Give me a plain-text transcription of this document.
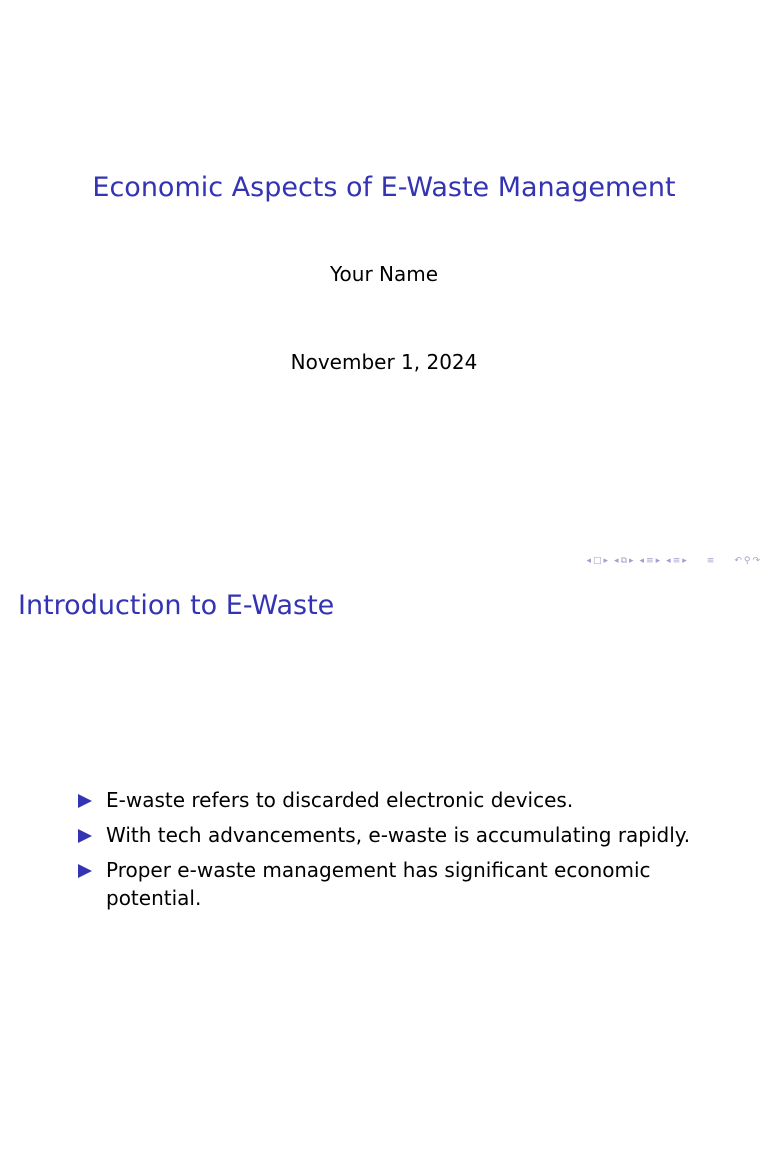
Economic Aspects of E-Waste Management
Your Name
November 1, 2024
◂ □ ▸ ◂ ⧉ ▸ ◂ ≡ ▸ ◂ ≡ ▸ ≡ ↶ ⚲ ↷
Introduction to E-Waste
E-waste refers to discarded electronic devices.
With tech advancements, e-waste is accumulating rapidly.
Proper e-waste management has significant economic potential.
